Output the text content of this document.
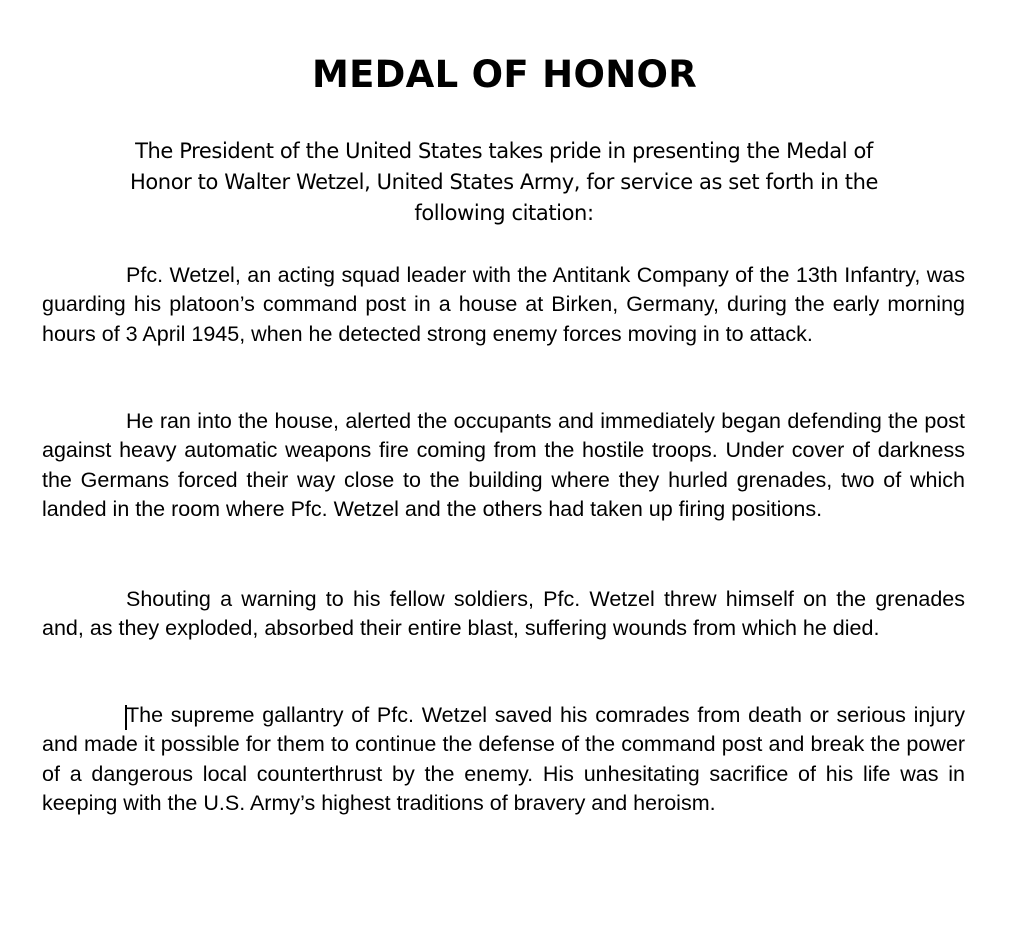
MEDAL OF HONOR

The President of the United States takes pride in presenting the Medal of Honor to Walter Wetzel, United States Army, for service as set forth in the following citation:

Pfc. Wetzel, an acting squad leader with the Antitank Company of the 13th Infantry, was guarding his platoon’s command post in a house at Birken, Germany, during the early morning hours of 3 April 1945, when he detected strong enemy forces moving in to attack.

He ran into the house, alerted the occupants and immediately began defending the post against heavy automatic weapons fire coming from the hostile troops. Under cover of darkness the Germans forced their way close to the building where they hurled grenades, two of which landed in the room where Pfc. Wetzel and the others had taken up firing positions.

Shouting a warning to his fellow soldiers, Pfc. Wetzel threw himself on the grenades and, as they exploded, absorbed their entire blast, suffering wounds from which he died.

The supreme gallantry of Pfc. Wetzel saved his comrades from death or serious injury and made it possible for them to continue the defense of the command post and break the power of a dangerous local counterthrust by the enemy. His unhesitating sacrifice of his life was in keeping with the U.S. Army’s highest traditions of bravery and heroism.
